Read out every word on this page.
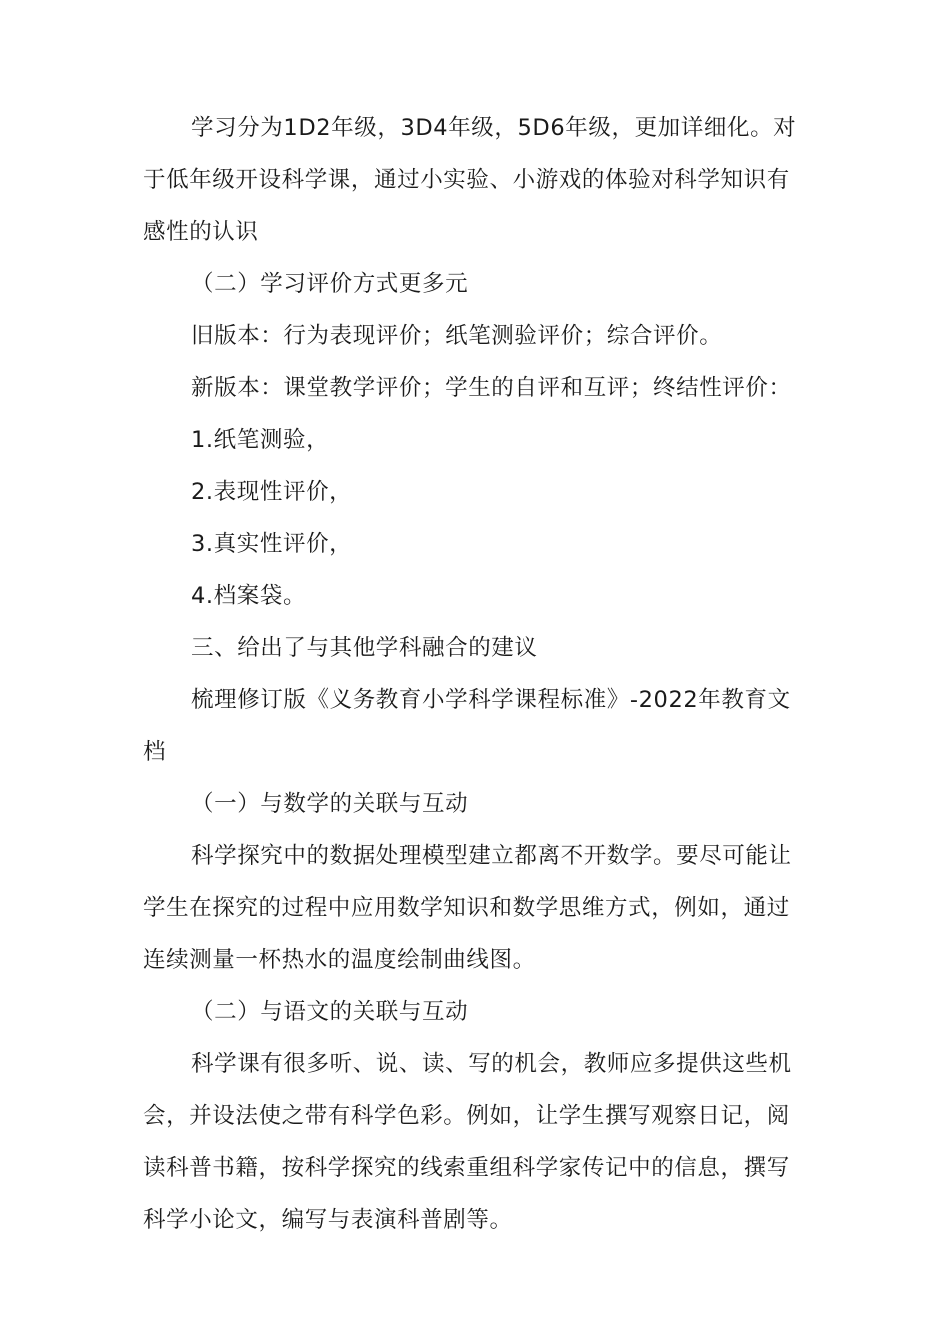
学习分为1D2年级，3D4年级，5D6年级，更加详细化。对于低年级开设科学课，通过小实验、小游戏的体验对科学知识有感性的认识

（二）学习评价方式更多元

旧版本：行为表现评价；纸笔测验评价；综合评价。

新版本：课堂教学评价；学生的自评和互评；终结性评价：

1.纸笔测验，

2.表现性评价，

3.真实性评价，

4.档案袋。

三、给出了与其他学科融合的建议

梳理修订版《义务教育小学科学课程标准》-2022年教育文档

（一）与数学的关联与互动

科学探究中的数据处理模型建立都离不开数学。要尽可能让学生在探究的过程中应用数学知识和数学思维方式，例如，通过连续测量一杯热水的温度绘制曲线图。

（二）与语文的关联与互动

科学课有很多听、说、读、写的机会，教师应多提供这些机会，并设法使之带有科学色彩。例如，让学生撰写观察日记，阅读科普书籍，按科学探究的线索重组科学家传记中的信息，撰写科学小论文，编写与表演科普剧等。
